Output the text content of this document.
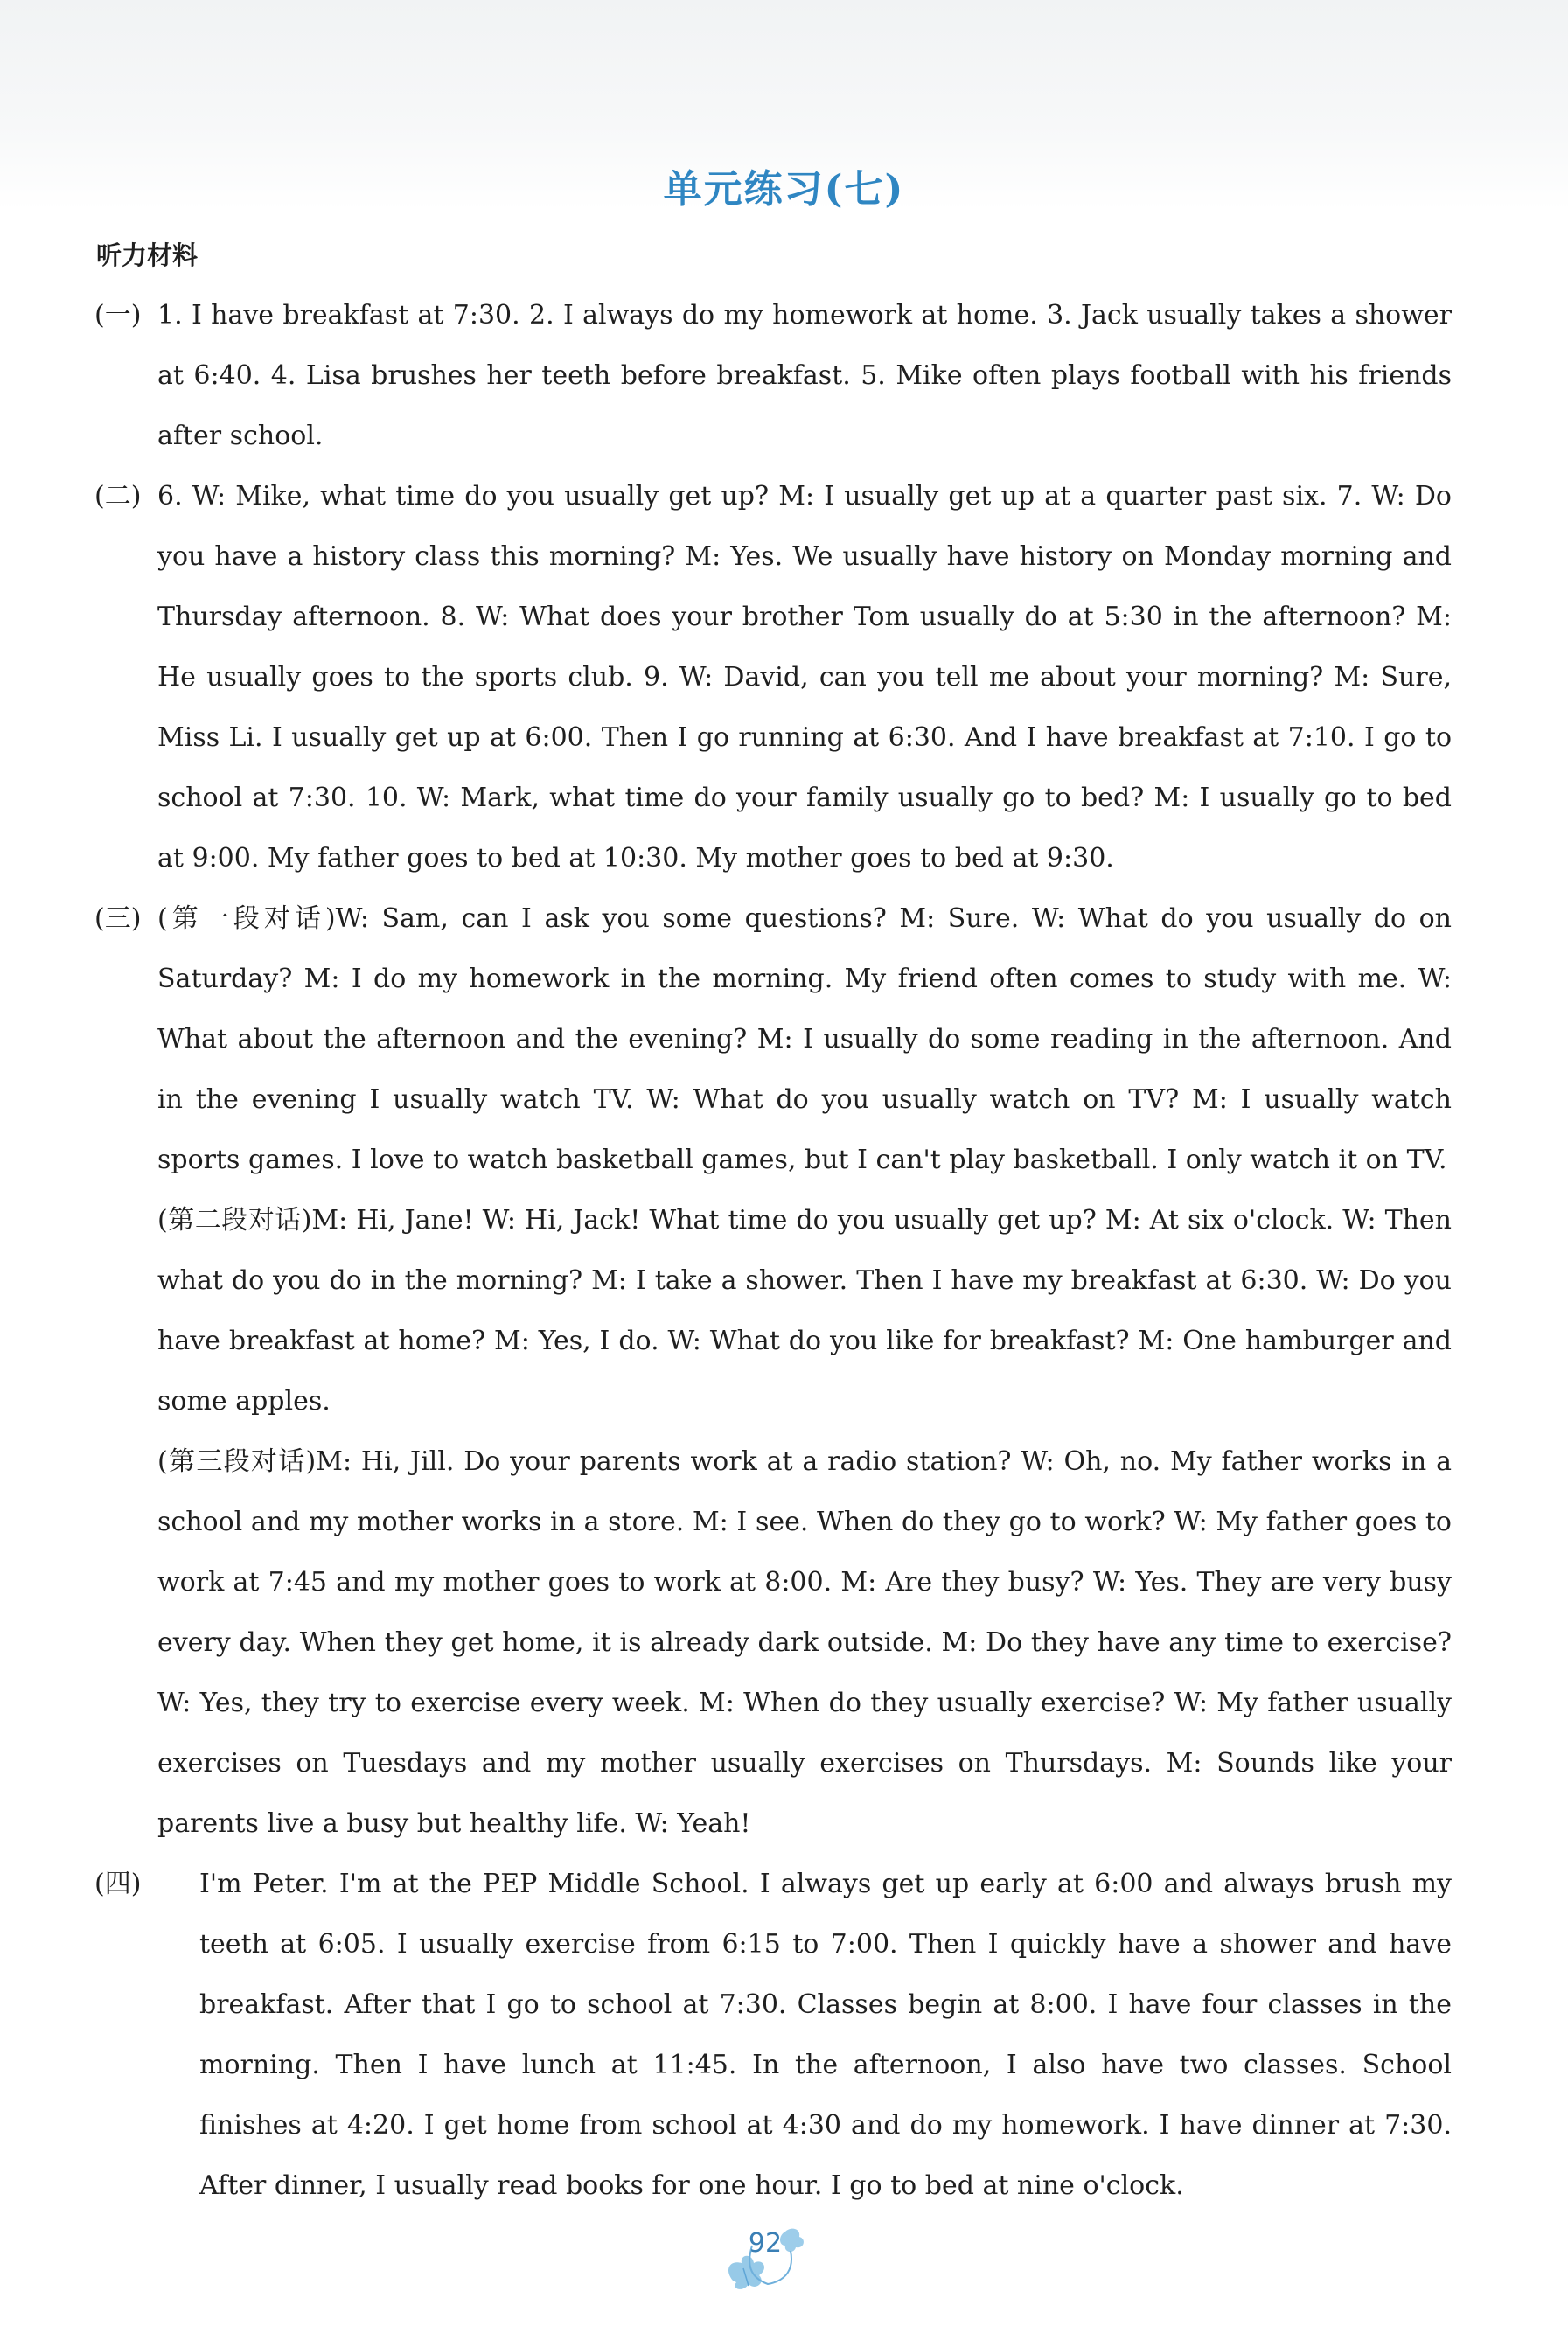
单元练习(七)
听力材料

(一) 1. I have breakfast at 7:30. 2. I always do my homework at home. 3. Jack usually takes a shower at 6:40. 4. Lisa brushes her teeth before breakfast. 5. Mike often plays football with his friends after school.

(二) 6. W: Mike, what time do you usually get up? M: I usually get up at a quarter past six. 7. W: Do you have a history class this morning? M: Yes. We usually have history on Monday morning and Thursday afternoon. 8. W: What does your brother Tom usually do at 5:30 in the afternoon? M: He usually goes to the sports club. 9. W: David, can you tell me about your morning? M: Sure, Miss Li. I usually get up at 6:00. Then I go running at 6:30. And I have breakfast at 7:10. I go to school at 7:30. 10. W: Mark, what time do your family usually go to bed? M: I usually go to bed at 9:00. My father goes to bed at 10:30. My mother goes to bed at 9:30.

(三) (第一段对话)W: Sam, can I ask you some questions? M: Sure. W: What do you usually do on Saturday? M: I do my homework in the morning. My friend often comes to study with me. W: What about the afternoon and the evening? M: I usually do some reading in the afternoon. And in the evening I usually watch TV. W: What do you usually watch on TV? M: I usually watch sports games. I love to watch basketball games, but I can't play basketball. I only watch it on TV.
(第二段对话)M: Hi, Jane! W: Hi, Jack! What time do you usually get up? M: At six o'clock. W: Then what do you do in the morning? M: I take a shower. Then I have my breakfast at 6:30. W: Do you have breakfast at home? M: Yes, I do. W: What do you like for breakfast? M: One hamburger and some apples.
(第三段对话)M: Hi, Jill. Do your parents work at a radio station? W: Oh, no. My father works in a school and my mother works in a store. M: I see. When do they go to work? W: My father goes to work at 7:45 and my mother goes to work at 8:00. M: Are they busy? W: Yes. They are very busy every day. When they get home, it is already dark outside. M: Do they have any time to exercise? W: Yes, they try to exercise every week. M: When do they usually exercise? W: My father usually exercises on Tuesdays and my mother usually exercises on Thursdays. M: Sounds like your parents live a busy but healthy life. W: Yeah!

(四)	I'm Peter. I'm at the PEP Middle School. I always get up early at 6:00 and always brush my teeth at 6:05. I usually exercise from 6:15 to 7:00. Then I quickly have a shower and have breakfast. After that I go to school at 7:30. Classes begin at 8:00. I have four classes in the morning. Then I have lunch at 11:45. In the afternoon, I also have two classes. School finishes at 4:20. I get home from school at 4:30 and do my homework. I have dinner at 7:30. After dinner, I usually read books for one hour. I go to bed at nine o'clock.

92
